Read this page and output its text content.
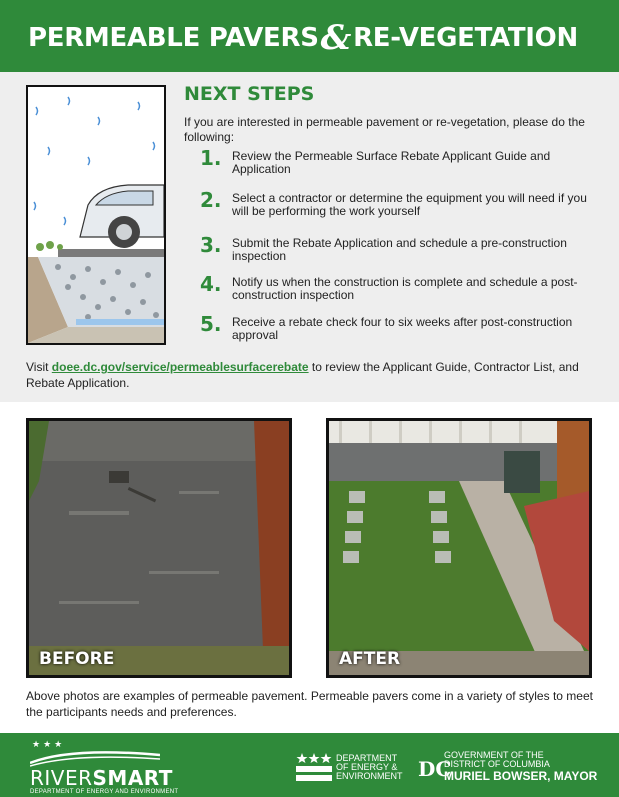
PERMEABLE PAVERS&RE-VEGETATION
NEXT STEPS

If you are interested in permeable pavement or re-vegetation, please do the following:

1. Review the Permeable Surface Rebate Applicant Guide and Application
2. Select a contractor or determine the equipment you will need if you will be performing the work yourself
3. Submit the Rebate Application and schedule a pre-construction inspection
4. Notify us when the construction is complete and schedule a post-construction inspection
5. Receive a rebate check four to six weeks after post-construction approval

Visit doee.dc.gov/service/permeablesurfacerebate to review the Applicant Guide, Contractor List, and Rebate Application.

BEFORE	AFTER

Above photos are examples of permeable pavement. Permeable pavers come in a variety of styles to meet the participants needs and preferences.

★★★
RIVERSMART
DEPARTMENT OF ENERGY AND ENVIRONMENT
DEPARTMENT
OF ENERGY &
ENVIRONMENT DC
GOVERNMENT OF THE
DISTRICT OF COLUMBIA
MURIEL BOWSER, MAYOR
